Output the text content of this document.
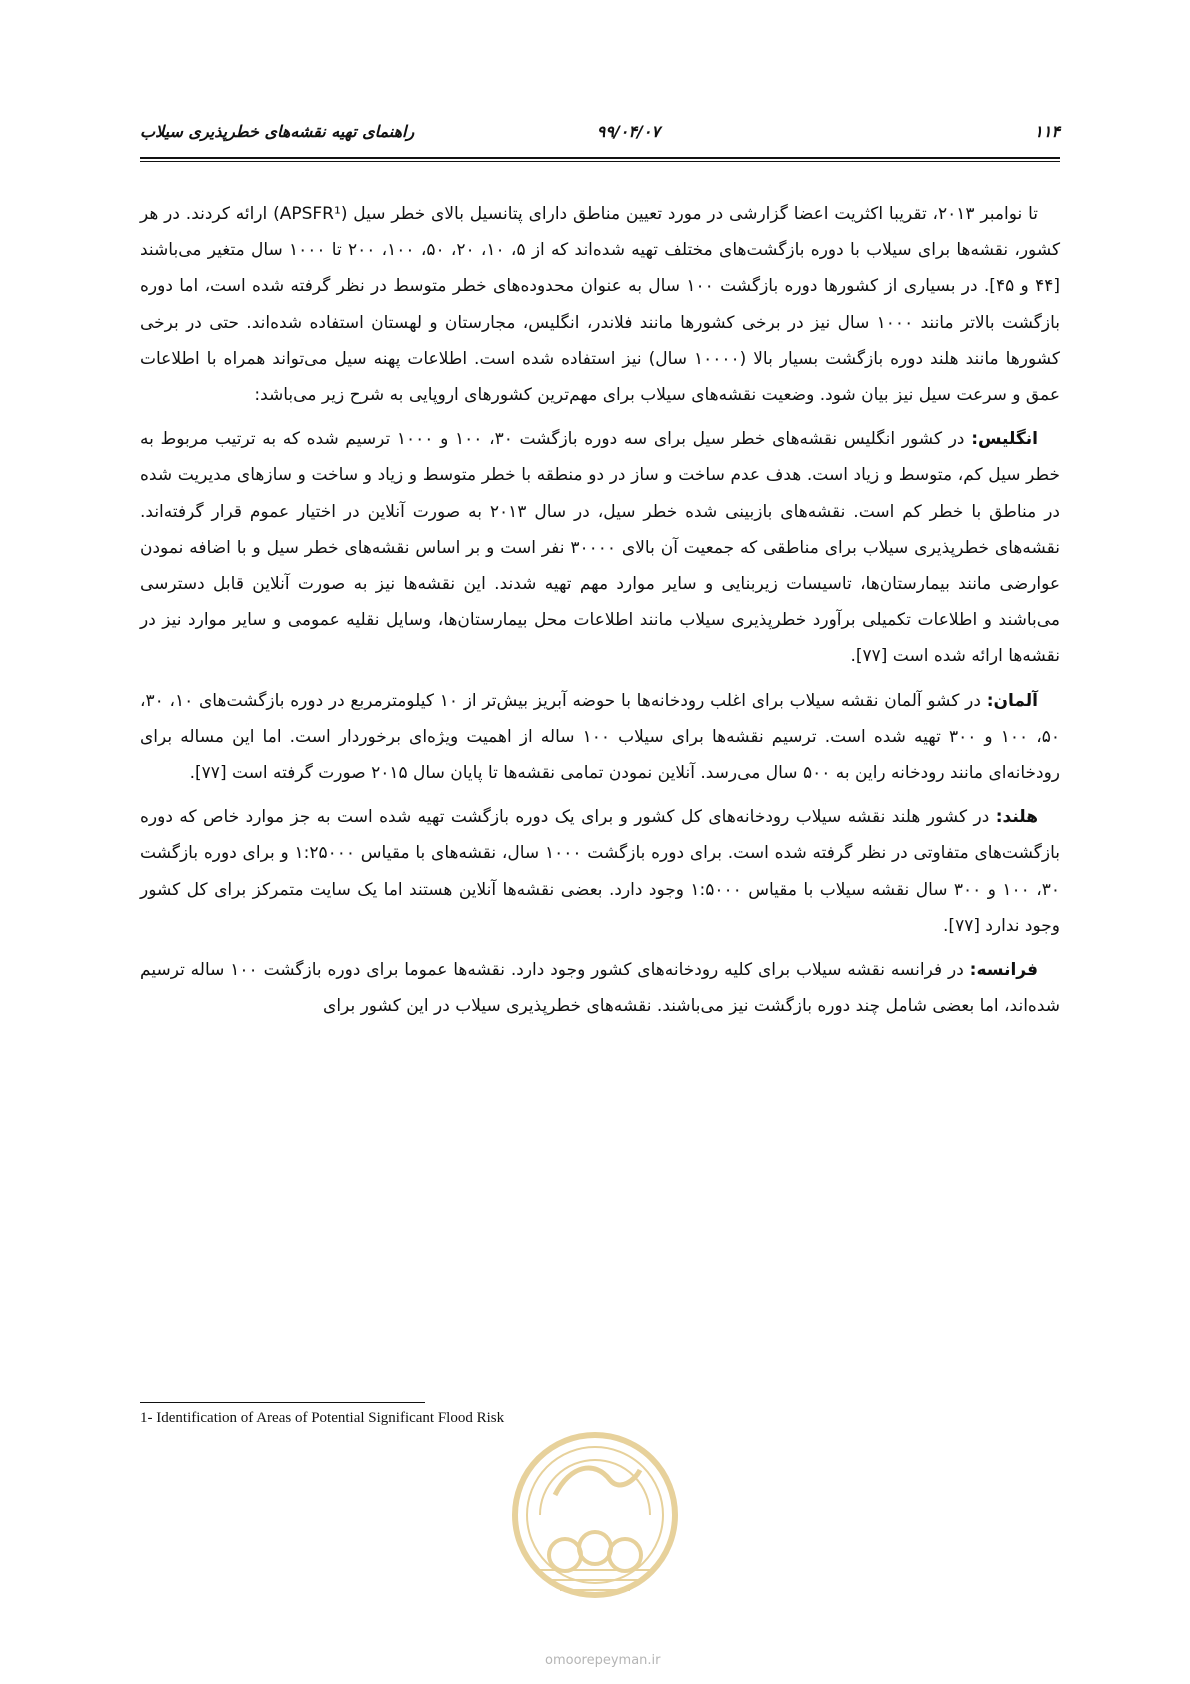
۱۱۴
۹۹/۰۴/۰۷
راهنمای تهیه نقشه‌های خطرپذیری سیلاب

تا نوامبر ۲۰۱۳، تقریبا اکثریت اعضا گزارشی در مورد تعیین مناطق دارای پتانسیل بالای خطر سیل (APSFR¹) ارائه کردند. در هر کشور، نقشه‌ها برای سیلاب با دوره بازگشت‌های مختلف تهیه شده‌اند که از ۵، ۱۰، ۲۰، ۵۰، ۱۰۰، ۲۰۰ تا ۱۰۰۰ سال متغیر می‌باشند [۴۴ و ۴۵]. در بسیاری از کشورها دوره بازگشت ۱۰۰ سال به عنوان محدوده‌های خطر متوسط در نظر گرفته شده است، اما دوره بازگشت بالاتر مانند ۱۰۰۰ سال نیز در برخی کشورها مانند فلاندر، انگلیس، مجارستان و لهستان استفاده شده‌اند. حتی در برخی کشورها مانند هلند دوره بازگشت بسیار بالا (۱۰۰۰۰ سال) نیز استفاده شده است. اطلاعات پهنه سیل می‌تواند همراه با اطلاعات عمق و سرعت سیل نیز بیان شود. وضعیت نقشه‌های سیلاب برای مهم‌ترین کشورهای اروپایی به شرح زیر می‌باشد:

انگلیس: در کشور انگلیس نقشه‌های خطر سیل برای سه دوره بازگشت ۳۰، ۱۰۰ و ۱۰۰۰ ترسیم شده که به ترتیب مربوط به خطر سیل کم، متوسط و زیاد است. هدف عدم ساخت و ساز در دو منطقه با خطر متوسط و زیاد و ساخت و سازهای مدیریت شده در مناطق با خطر کم است. نقشه‌های بازبینی شده خطر سیل، در سال ۲۰۱۳ به صورت آنلاین در اختیار عموم قرار گرفته‌اند. نقشه‌های خطرپذیری سیلاب برای مناطقی که جمعیت آن بالای ۳۰۰۰۰ نفر است و بر اساس نقشه‌های خطر سیل و با اضافه نمودن عوارضی مانند بیمارستان‌ها، تاسیسات زیربنایی و سایر موارد مهم تهیه شدند. این نقشه‌ها نیز به صورت آنلاین قابل دسترسی می‌باشند و اطلاعات تکمیلی برآورد خطرپذیری سیلاب مانند اطلاعات محل بیمارستان‌ها، وسایل نقلیه عمومی و سایر موارد نیز در نقشه‌ها ارائه شده است [۷۷].

آلمان: در کشو آلمان نقشه سیلاب برای اغلب رودخانه‌ها با حوضه آبریز بیش‌تر از ۱۰ کیلومترمربع در دوره بازگشت‌های ۱۰، ۳۰، ۵۰، ۱۰۰ و ۳۰۰ تهیه شده است. ترسیم نقشه‌ها برای سیلاب ۱۰۰ ساله از اهمیت ویژه‌ای برخوردار است. اما این مساله برای رودخانه‌ای مانند رودخانه راین به ۵۰۰ سال می‌رسد. آنلاین نمودن تمامی نقشه‌ها تا پایان سال ۲۰۱۵ صورت گرفته است [۷۷].

هلند: در کشور هلند نقشه سیلاب رودخانه‌های کل کشور و برای یک دوره بازگشت تهیه شده است به جز موارد خاص که دوره بازگشت‌های متفاوتی در نظر گرفته شده است. برای دوره بازگشت ۱۰۰۰ سال، نقشه‌های با مقیاس ۱:۲۵۰۰۰ و برای دوره بازگشت ۳۰، ۱۰۰ و ۳۰۰ سال نقشه سیلاب با مقیاس ۱:۵۰۰۰ وجود دارد. بعضی نقشه‌ها آنلاین هستند اما یک سایت متمرکز برای کل کشور وجود ندارد [۷۷].

فرانسه: در فرانسه نقشه سیلاب برای کلیه رودخانه‌های کشور وجود دارد. نقشه‌ها عموما برای دوره بازگشت ۱۰۰ ساله ترسیم شده‌اند، اما بعضی شامل چند دوره بازگشت نیز می‌باشند. نقشه‌های خطرپذیری سیلاب در این کشور برای

1- Identification of Areas of Potential Significant Flood Risk
omoorepeyman.ir
